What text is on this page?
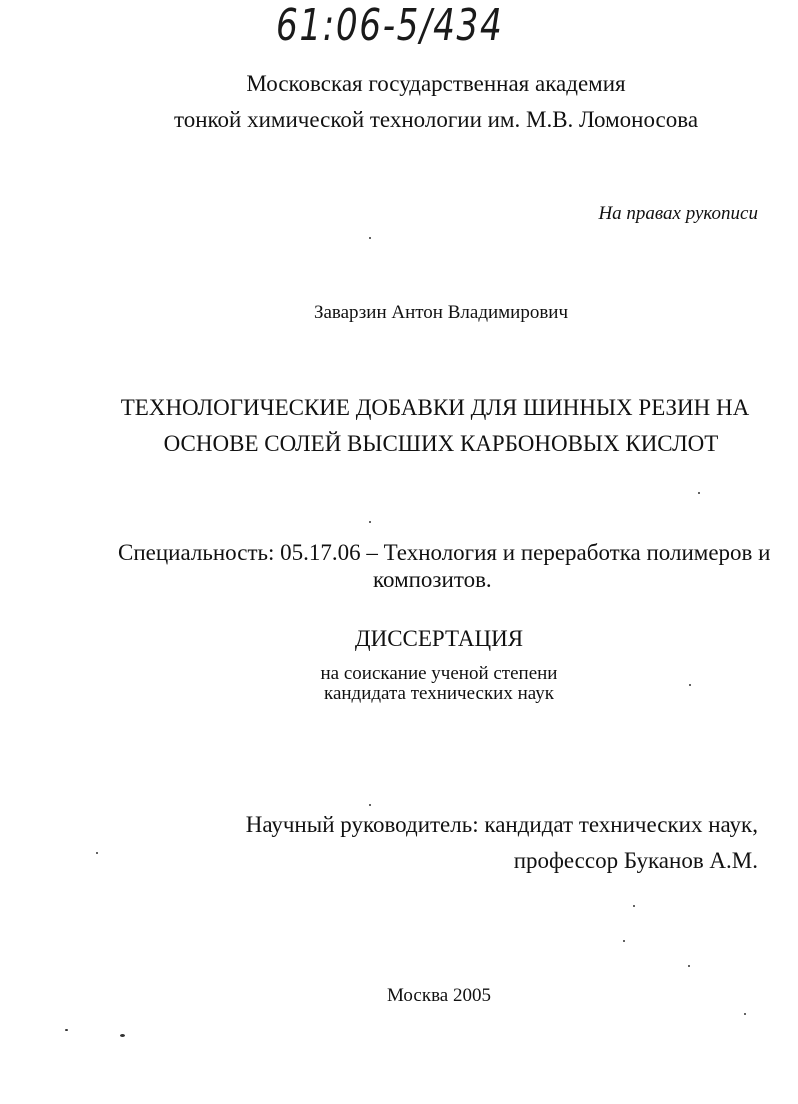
61:06-5/434
Московская государственная академия
тонкой химической технологии им. М.В. Ломоносова
На правах рукописи
Заварзин Антон Владимирович
ТЕХНОЛОГИЧЕСКИЕ ДОБАВКИ ДЛЯ ШИННЫХ РЕЗИН НА
ОСНОВЕ СОЛЕЙ ВЫСШИХ КАРБОНОВЫХ КИСЛОТ
Специальность: 05.17.06 – Технология и переработка полимеров и
композитов.
ДИССЕРТАЦИЯ
на соискание ученой степени
кандидата технических наук
Научный руководитель: кандидат технических наук,
профессор Буканов А.М.
Москва 2005
